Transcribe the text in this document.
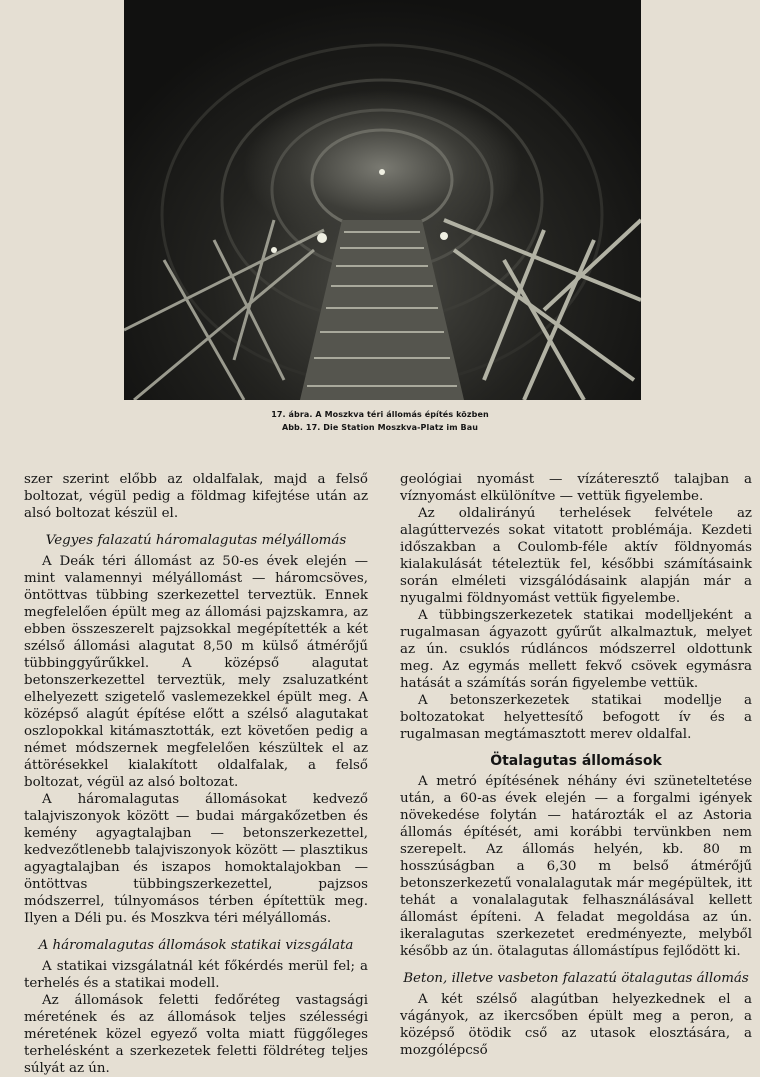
17. ábra. A Moszkva téri állomás építés közben
Abb. 17. Die Station Moszkva-Platz im Bau

szer szerint előbb az oldalfalak, majd a felső boltozat, végül pedig a földmag kifejtése után az alsó boltozat készül el.

Vegyes falazatú háromalagutas mélyállomás

A Deák téri állomást az 50-es évek elején — mint valamennyi mélyállomást — háromcsöves, öntöttvas tübbing szerkezettel terveztük. Ennek megfelelően épült meg az állomási pajzskamra, az ebben összeszerelt pajzsokkal megépítették a két szélső állomási alagutat 8,50 m külső átmérőjű tübbinggyűrűkkel. A középső alagutat betonszerkezettel terveztük, mely zsaluzatként elhelyezett szigetelő vaslemezekkel épült meg. A középső alagút építése előtt a szélső alagutakat oszlopokkal kitámasztották, ezt követően pedig a német módszernek megfelelően készültek el az áttörésekkel kialakított oldalfalak, a felső boltozat, végül az alsó boltozat.

A háromalagutas állomásokat kedvező talajviszonyok között — budai márgakőzetben és kemény agyagtalajban — betonszerkezettel, kedvezőtlenebb talajviszonyok között — plasztikus agyagtalajban és iszapos homoktalajokban — öntöttvas tübbingszerkezettel, pajzsos módszerrel, túlnyomásos térben építettük meg. Ilyen a Déli pu. és Moszkva téri mélyállomás.

A háromalagutas állomások statikai vizsgálata

A statikai vizsgálatnál két főkérdés merül fel; a terhelés és a statikai modell.

Az állomások feletti fedőréteg vastagsági méretének és az állomások teljes szélességi méretének közel egyező volta miatt függőleges terhelésként a szerkezetek feletti földréteg teljes súlyát az ún.

geológiai nyomást — vízáteresztő talajban a víznyomást elkülönítve — vettük figyelembe.

Az oldalirányú terhelések felvétele az alagúttervezés sokat vitatott problémája. Kezdeti időszakban a Coulomb-féle aktív földnyomás kialakulását tételeztük fel, későbbi számításaink során elméleti vizsgálódásaink alapján már a nyugalmi földnyomást vettük figyelembe.

A tübbingszerkezetek statikai modelljeként a rugalmasan ágyazott gyűrűt alkalmaztuk, melyet az ún. csuklós rúdláncos módszerrel oldottunk meg. Az egymás mellett fekvő csövek egymásra hatását a számítás során figyelembe vettük.

A betonszerkezetek statikai modellje a boltozatokat helyettesítő befogott ív és a rugalmasan megtámasztott merev oldalfal.

Ötalagutas állomások

A metró építésének néhány évi szüneteltetése után, a 60-as évek elején — a forgalmi igények növekedése folytán — határozták el az Astoria állomás építését, ami korábbi tervünkben nem szerepelt. Az állomás helyén, kb. 80 m hosszúságban a 6,30 m belső átmérőjű betonszerkezetű vonalalagutak már megépültek, itt tehát a vonalalagutak felhasználásával kellett állomást építeni. A feladat megoldása az ún. ikeralagutas szerkezetet eredményezte, melyből később az ún. ötalagutas állomástípus fejlődött ki.

Beton, illetve vasbeton falazatú ötalagutas állomás

A két szélső alagútban helyezkednek el a vágányok, az ikercsőben épült meg a peron, a középső ötödik cső az utasok elosztására, a mozgólépcső
